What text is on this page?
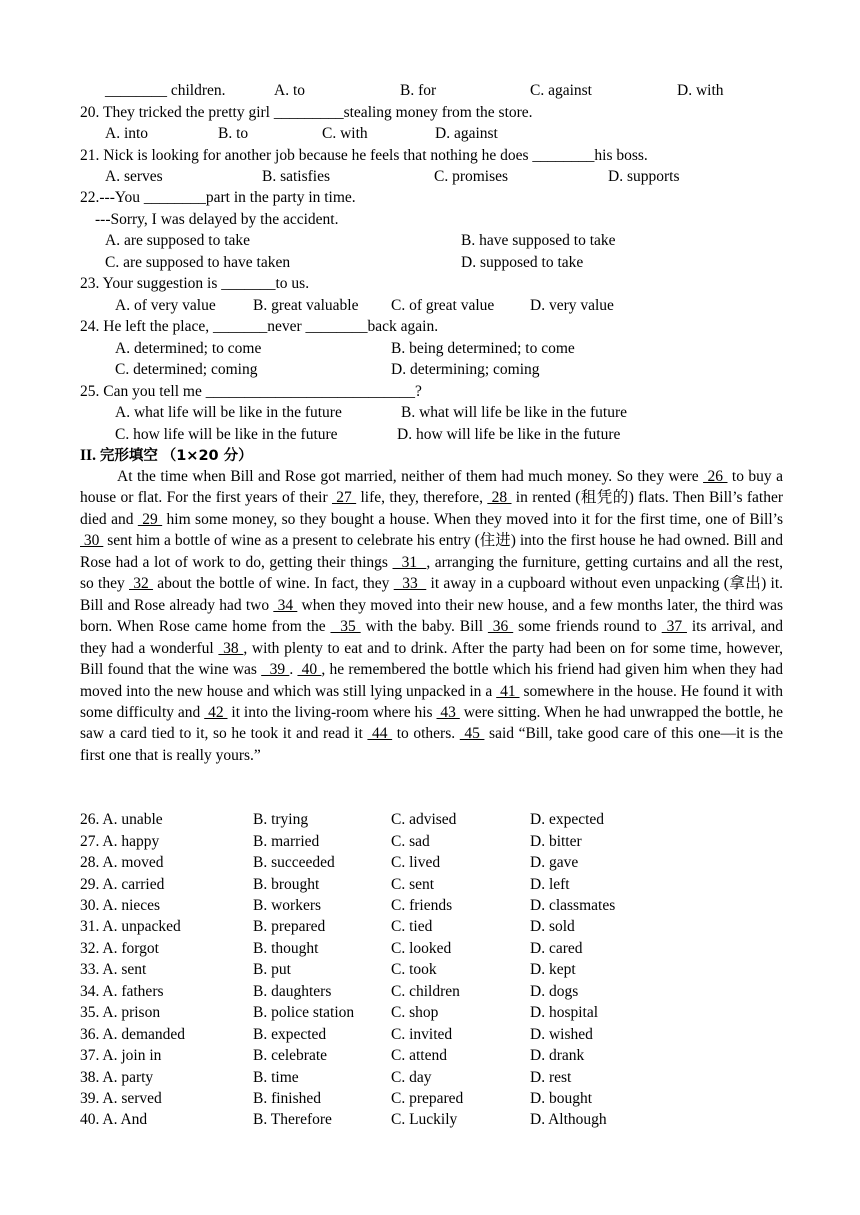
________ children.	A. to	B. for	C. against	D. with
20. They tricked the pretty girl _________stealing money from the store.
A. into	B. to	C. with	D. against
21. Nick is looking for another job because he feels that nothing he does ________his boss.
A. serves	B. satisfies	C. promises	D. supports
22.---You ________part in the party in time.
---Sorry, I was delayed by the accident.
A. are supposed to take	B. have supposed to take
C. are supposed to have taken	D. supposed to take
23. Your suggestion is _______to us.
A. of very value B. great valuable C. of great value D. very value
24. He left the place, _______never ________back again.
A. determined; to come	B. being determined; to come
C. determined; coming	D. determining; coming
25. Can you tell me ___________________________?
A. what life will be like in the future	B. what will life be like in the future
C. how life will be like in the future	D. how will life be like in the future
II. 完形填空 （1×20 分）
At the time when Bill and Rose got married, neither of them had much money. So they were  26  to buy a house or flat. For the first years of their  27  life, they, therefore,  28  in rented (租凭的) flats. Then Bill’s father died and  29  him some money, so they bought a house. When they moved into it for the first time, one of Bill’s  30  sent him a bottle of wine as a present to celebrate his entry (住进) into the first house he had owned. Bill and Rose had a lot of work to do, getting their things   31  , arranging the furniture, getting curtains and all the rest, so they  32  about the bottle of wine. In fact, they   33   it away in a cupboard without even unpacking (拿出) it. Bill and Rose already had two  34  when they moved into their new house, and a few months later, the third was born. When Rose came home from the   35  with the baby. Bill  36  some friends round to  37  its arrival, and they had a wonderful  38 , with plenty to eat and to drink. After the party had been on for some time, however, Bill found that the wine was   39 .  40 , he remembered the bottle which his friend had given him when they had moved into the new house and which was still lying unpacked in a  41  somewhere in the house. He found it with some difficulty and  42  it into the living-room where his  43  were sitting. When he had unwrapped the bottle, he saw a card tied to it, so he took it and read it  44  to others.  45  said “Bill, take good care of this one—it is the first one that is really yours.”
26. A. unable	B. trying	C. advised	D. expected
27. A. happy	B. married	C. sad	D. bitter
28. A. moved	B. succeeded	C. lived	D. gave
29. A. carried	B. brought	C. sent	D. left
30. A. nieces	B. workers	C. friends	D. classmates
31. A. unpacked	B. prepared	C. tied	D. sold
32. A. forgot	B. thought	C. looked	D. cared
33. A. sent	B. put	C. took	D. kept
34. A. fathers	B. daughters	C. children	D. dogs
35. A. prison	B. police station C. shop	D. hospital
36. A. demanded	B. expected	C. invited	D. wished
37. A. join in	B. celebrate	C. attend	D. drank
38. A. party	B. time	C. day	D. rest
39. A. served	B. finished	C. prepared	D. bought
40. A. And	B. Therefore	C. Luckily	D. Although
